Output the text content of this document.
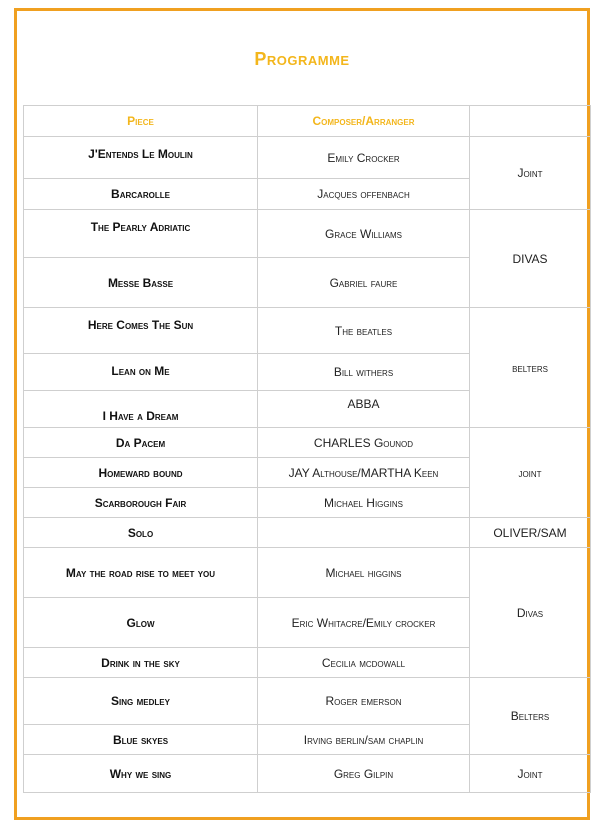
Programme
Piece	Composer/Arranger	
J'Entends Le Moulin	Emily Crocker	Joint
Barcarolle	Jacques offenbach	
The Pearly Adriatic	Grace Williams	DIVAS
Messe Basse	Gabriel faure	
Here Comes The Sun	The beatles	belters
Lean on Me	Bill withers	
I Have a Dream	ABBA	
Da Pacem	CHARLES Gounod	joint
Homeward bound	JAY Althouse/MARTHA Keen	
Scarborough Fair	Michael Higgins	
Solo		OLIVER/SAM
May the road rise to meet you	Michael higgins	Divas
Glow	Eric Whitacre/Emily crocker	
Drink in the sky	Cecilia mcdowall	
Sing medley	Roger emerson	Belters
Blue skyes	Irving berlin/sam chaplin	
Why we sing	Greg Gilpin	Joint
